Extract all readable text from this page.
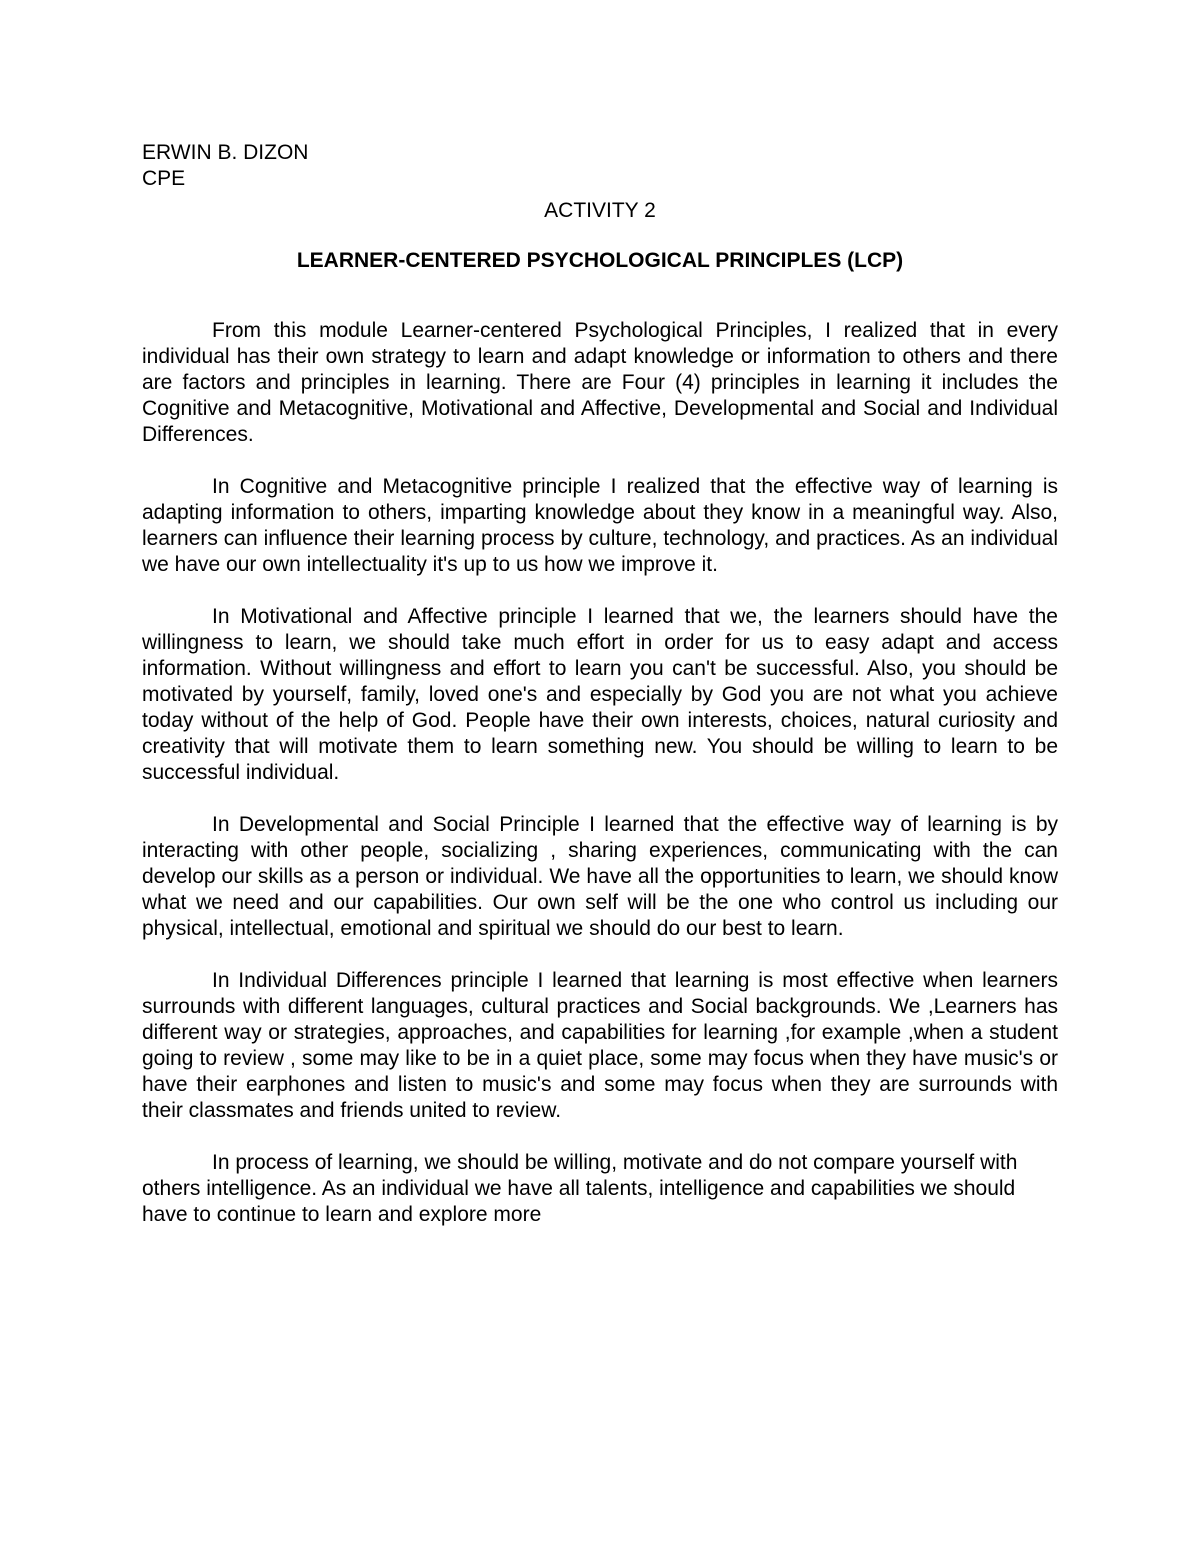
ERWIN B. DIZON
CPE

ACTIVITY 2

LEARNER-CENTERED PSYCHOLOGICAL PRINCIPLES (LCP)

From this module Learner-centered Psychological Principles, I realized that in every individual has their own strategy to learn and adapt knowledge or information to others and there are factors and principles in learning. There are Four (4) principles in learning it includes the Cognitive and Metacognitive, Motivational and Affective, Developmental and Social and Individual Differences.

In Cognitive and Metacognitive principle I realized that the effective way of learning is adapting information to others, imparting knowledge about they know in a meaningful way. Also, learners can influence their learning process by culture, technology, and practices. As an individual we have our own intellectuality it's up to us how we improve it.

In Motivational and Affective principle I learned that we, the learners should have the willingness to learn, we should take much effort in order for us to easy adapt and access information. Without willingness and effort to learn you can't be successful. Also, you should be motivated by yourself, family, loved one's and especially by God you are not what you achieve today without of the help of God. People have their own interests, choices, natural curiosity and creativity that will motivate them to learn something new. You should be willing to learn to be successful individual.

In Developmental and Social Principle I learned that the effective way of learning is by interacting with other people, socializing , sharing experiences, communicating with the can develop our skills as a person or individual. We have all the opportunities to learn, we should know what we need and our capabilities. Our own self will be the one who control us including our physical, intellectual, emotional and spiritual we should do our best to learn.

In Individual Differences principle I learned that learning is most effective when learners surrounds with different languages, cultural practices and Social backgrounds. We ,Learners has different way or strategies, approaches, and capabilities for learning ,for example ,when a student going to review , some may like to be in a quiet place, some may focus when they have music's or have their earphones and listen to music's and some may focus when they are surrounds with their classmates and friends united to review.

In process of learning, we should be willing, motivate and do not compare yourself with others intelligence. As an individual we have all talents, intelligence and capabilities we should have to continue to learn and explore more
